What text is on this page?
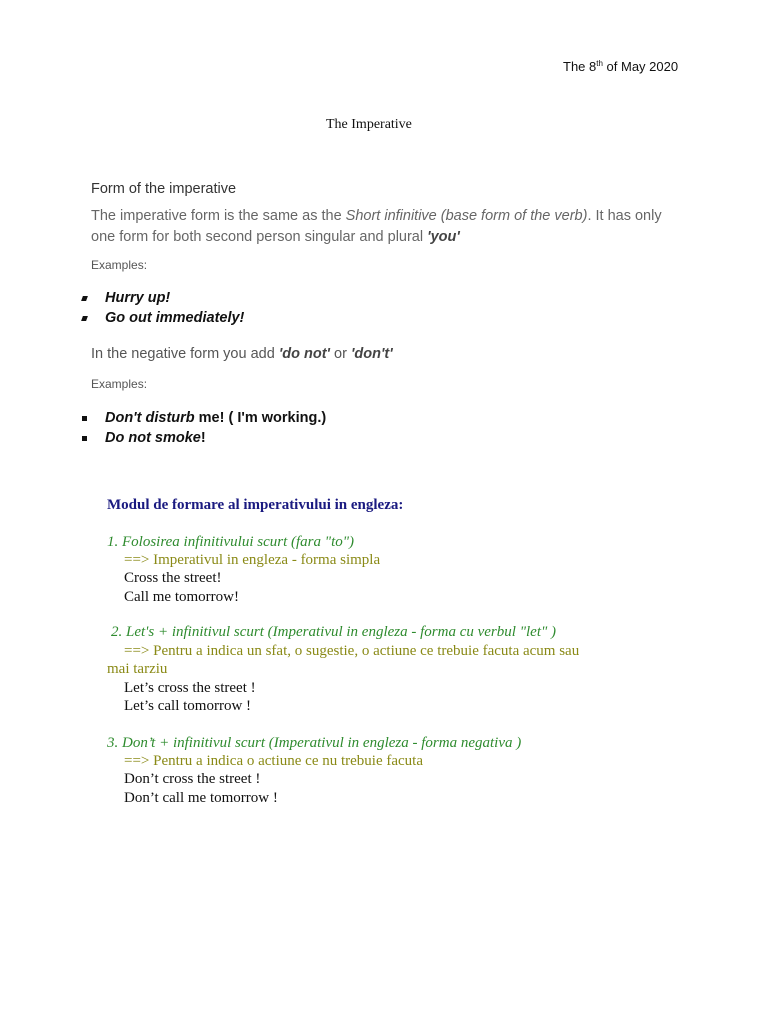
The 8th of May 2020
The Imperative
Form of the imperative
The imperative form is the same as the Short infinitive (base form of the verb). It has only one form for both second person singular and plural 'you'
Examples:
Hurry up!
Go out immediately!
In the negative form you add 'do not' or 'don't'
Examples:
Don't disturb me! ( I'm working.)
Do not smoke!
Modul de formare al imperativului in engleza:
1. Folosirea infinitivului scurt (fara "to")
==> Imperativul in engleza - forma simpla
Cross the street!
Call me tomorrow!
2. Let's + infinitivul scurt (Imperativul in engleza - forma cu verbul "let" )
==> Pentru a indica un sfat, o sugestie, o actiune ce trebuie facuta acum sau
mai tarziu
Let’s cross the street !
Let’s call tomorrow !
3. Don’t + infinitivul scurt (Imperativul in engleza - forma negativa )
==> Pentru a indica o actiune ce nu trebuie facuta
Don’t cross the street !
Don’t call me tomorrow !
